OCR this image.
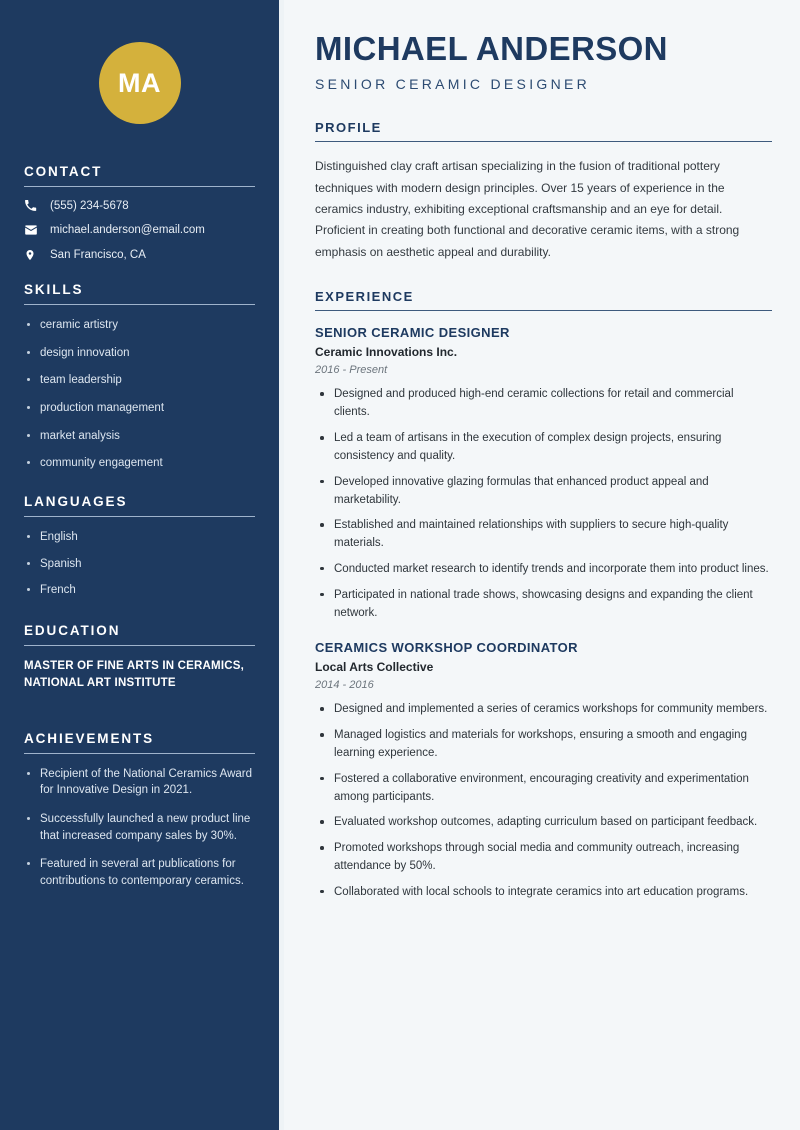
MA
CONTACT
(555) 234-5678
michael.anderson@email.com
San Francisco, CA
SKILLS
ceramic artistry
design innovation
team leadership
production management
market analysis
community engagement
LANGUAGES
English
Spanish
French
EDUCATION
MASTER OF FINE ARTS IN CERAMICS, NATIONAL ART INSTITUTE
ACHIEVEMENTS
Recipient of the National Ceramics Award for Innovative Design in 2021.
Successfully launched a new product line that increased company sales by 30%.
Featured in several art publications for contributions to contemporary ceramics.
MICHAEL ANDERSON
SENIOR CERAMIC DESIGNER
PROFILE

Distinguished clay craft artisan specializing in the fusion of traditional pottery techniques with modern design principles. Over 15 years of experience in the ceramics industry, exhibiting exceptional craftsmanship and an eye for detail. Proficient in creating both functional and decorative ceramic items, with a strong emphasis on aesthetic appeal and durability.

EXPERIENCE
SENIOR CERAMIC DESIGNER
Ceramic Innovations Inc.
2016 - Present
Designed and produced high-end ceramic collections for retail and commercial clients.
Led a team of artisans in the execution of complex design projects, ensuring consistency and quality.
Developed innovative glazing formulas that enhanced product appeal and marketability.
Established and maintained relationships with suppliers to secure high-quality materials.
Conducted market research to identify trends and incorporate them into product lines.
Participated in national trade shows, showcasing designs and expanding the client network.
CERAMICS WORKSHOP COORDINATOR
Local Arts Collective
2014 - 2016
Designed and implemented a series of ceramics workshops for community members.
Managed logistics and materials for workshops, ensuring a smooth and engaging learning experience.
Fostered a collaborative environment, encouraging creativity and experimentation among participants.
Evaluated workshop outcomes, adapting curriculum based on participant feedback.
Promoted workshops through social media and community outreach, increasing attendance by 50%.
Collaborated with local schools to integrate ceramics into art education programs.
